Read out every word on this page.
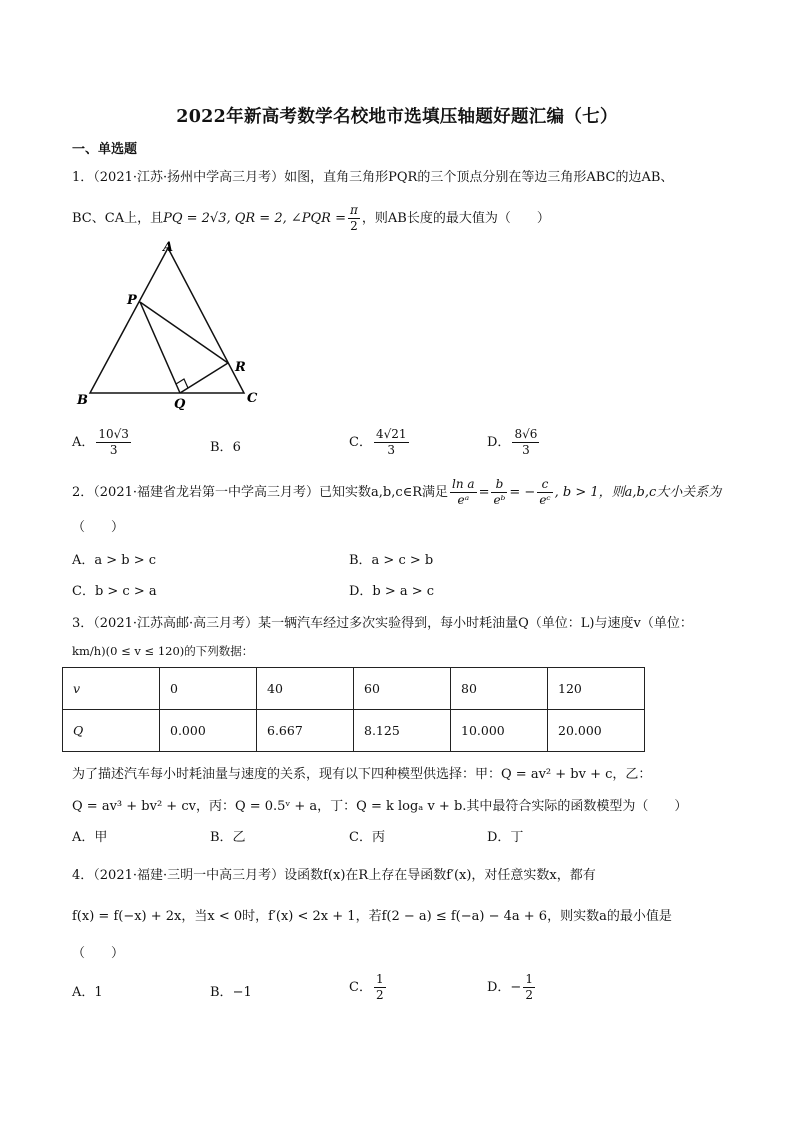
2022年新高考数学名校地市选填压轴题好题汇编（七）
一、单选题
1．（2021·江苏·扬州中学高三月考）如图，直角三角形PQR的三个顶点分别在等边三角形ABC的边AB、
BC、CA上，且PQ = 2√3, QR = 2, ∠PQR = $\frac{\pi}{2}$ ，则AB长度的最大值为（　　）
A
P
R
B	Q	C
A． $\frac{10√3}{3}$	B．6	C． $\frac{4√21}{3}$	D． $\frac{8√6}{3}$
2．（2021·福建省龙岩第一中学高三月考）已知实数a,b,c∈R满足 $\frac{\text{ln a}}{\text{eᵃ}} = \frac{b}{\text{eᵇ}}$ = − $\frac{c}{\text{eᶜ}}$ , b > 1，则a,b,c大小关系为
（　　）
A．a > b > c	B．a > c > b
C．b > c > a	D．b > a > c
3．（2021·江苏高邮·高三月考）某一辆汽车经过多次实验得到，每小时耗油量Q（单位：L)与速度v（单位：
km/h)(0 ≤ v ≤ 120)的下列数据：
v	0	40	60	80	120
Q	0.000	6.667	8.125	10.000	20.000
为了描述汽车每小时耗油量与速度的关系，现有以下四种模型供选择：甲：Q = av² + bv + c，乙：
Q = av³ + bv² + cv，丙：Q = 0.5ᵛ + a，丁：Q = k logₐ v + b.其中最符合实际的函数模型为（　　）
A．甲	B．乙	C．丙	D．丁
4．（2021·福建·三明一中高三月考）设函数f(x)在R上存在导函数f′(x)，对任意实数x，都有
f(x) = f(−x) + 2x，当x < 0时，f′(x) < 2x + 1，若f(2 − a) ≤ f(−a) − 4a + 6，则实数a的最小值是
（　　）
A．1	B．−1	C． $\frac{1}{2}$	D．− $\frac{1}{2}$
